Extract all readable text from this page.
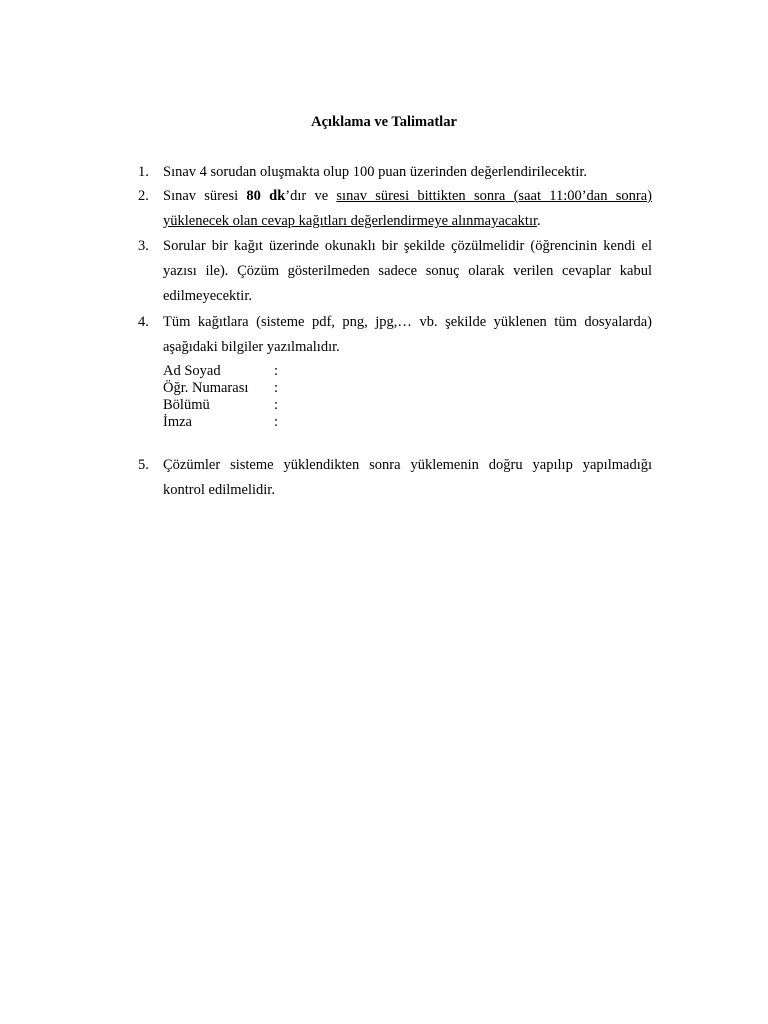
Açıklama ve Talimatlar
1. Sınav 4 sorudan oluşmakta olup 100 puan üzerinden değerlendirilecektir.
2. Sınav süresi 80 dk’dır ve sınav süresi bittikten sonra (saat 11:00’dan sonra)
yüklenecek olan cevap kağıtları değerlendirmeye alınmayacaktır.
3. Sorular bir kağıt üzerinde okunaklı bir şekilde çözülmelidir (öğrencinin kendi el yazısı ile). Çözüm gösterilmeden sadece sonuç olarak verilen cevaplar kabul edilmeyecektir.
4. Tüm kağıtlara (sisteme pdf, png, jpg,… vb. şekilde yüklenen tüm dosyalarda) aşağıdaki bilgiler yazılmalıdır.
Ad Soyad	:
Öğr. Numarası :
Bölümü	:
İmza	:
5. Çözümler sisteme yüklendikten sonra yüklemenin doğru yapılıp yapılmadığı kontrol edilmelidir.
